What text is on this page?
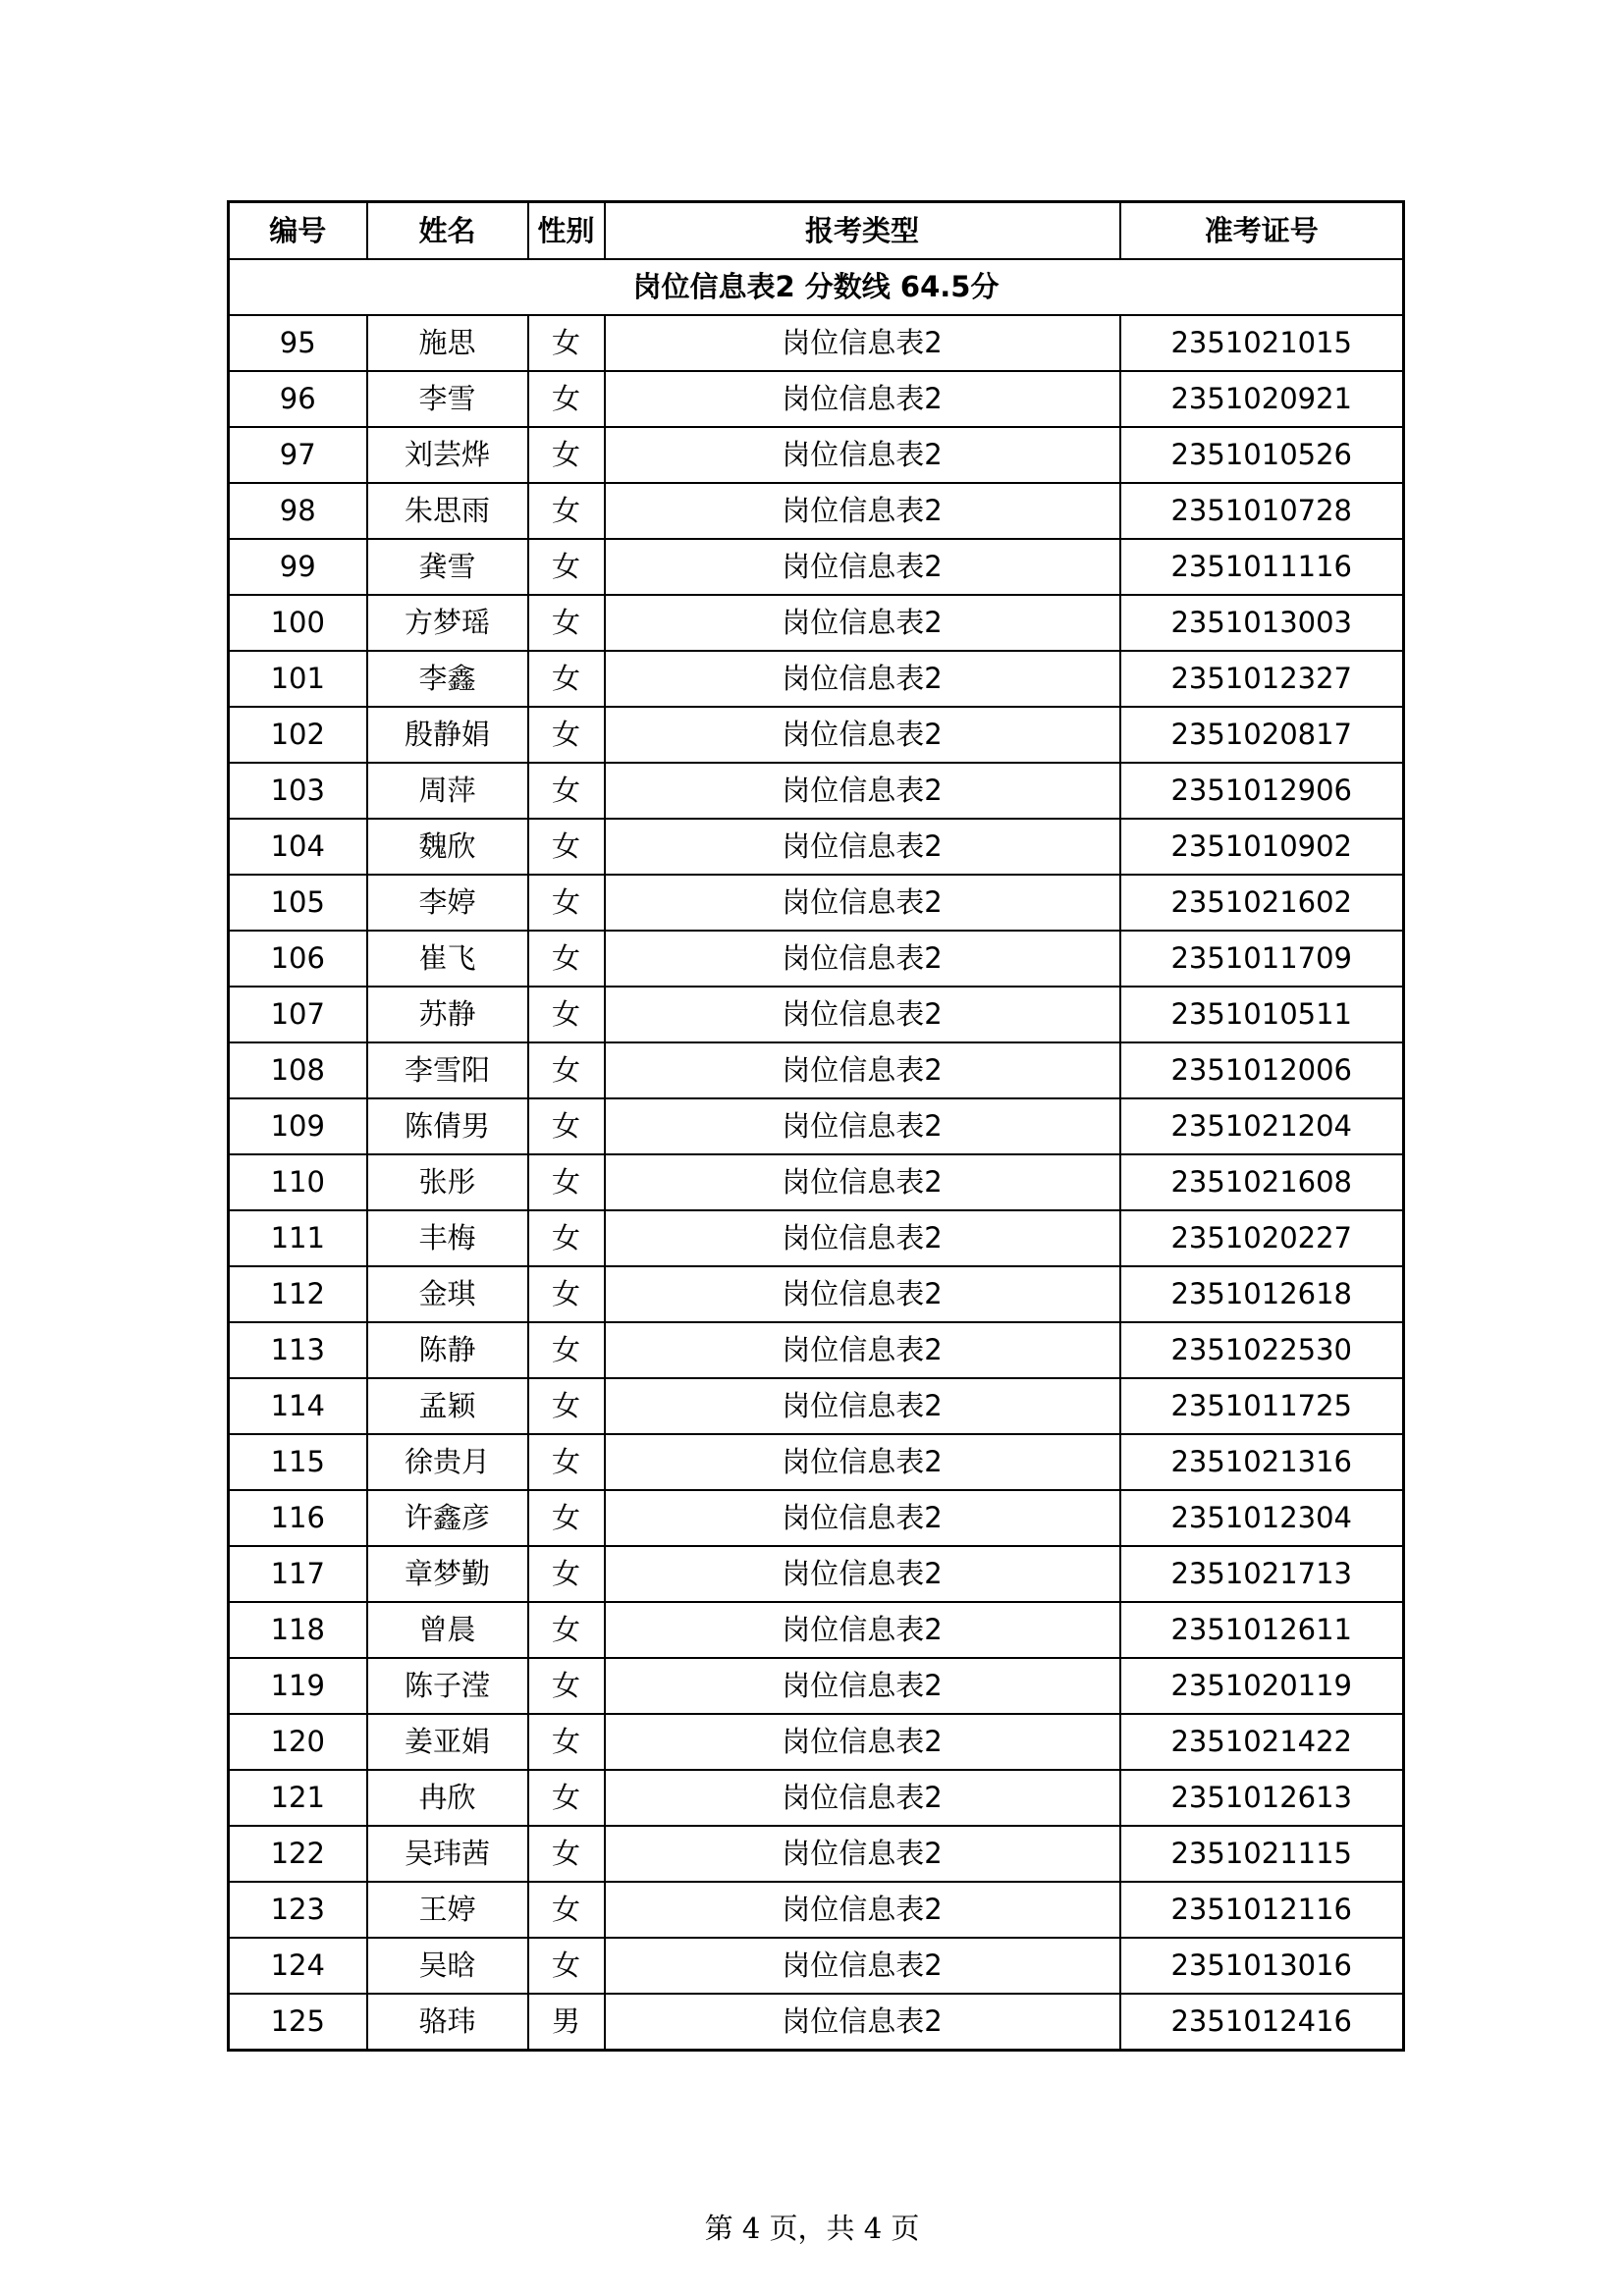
编号	姓名	性别	报考类型	准考证号
岗位信息表2 分数线 64.5分				
95	施思	女	岗位信息表2	2351021015
96	李雪	女	岗位信息表2	2351020921
97	刘芸烨	女	岗位信息表2	2351010526
98	朱思雨	女	岗位信息表2	2351010728
99	龚雪	女	岗位信息表2	2351011116
100	方梦瑶	女	岗位信息表2	2351013003
101	李鑫	女	岗位信息表2	2351012327
102	殷静娟	女	岗位信息表2	2351020817
103	周萍	女	岗位信息表2	2351012906
104	魏欣	女	岗位信息表2	2351010902
105	李婷	女	岗位信息表2	2351021602
106	崔飞	女	岗位信息表2	2351011709
107	苏静	女	岗位信息表2	2351010511
108	李雪阳	女	岗位信息表2	2351012006
109	陈倩男	女	岗位信息表2	2351021204
110	张彤	女	岗位信息表2	2351021608
111	丰梅	女	岗位信息表2	2351020227
112	金琪	女	岗位信息表2	2351012618
113	陈静	女	岗位信息表2	2351022530
114	孟颖	女	岗位信息表2	2351011725
115	徐贵月	女	岗位信息表2	2351021316
116	许鑫彦	女	岗位信息表2	2351012304
117	章梦勤	女	岗位信息表2	2351021713
118	曾晨	女	岗位信息表2	2351012611
119	陈子滢	女	岗位信息表2	2351020119
120	姜亚娟	女	岗位信息表2	2351021422
121	冉欣	女	岗位信息表2	2351012613
122	吴玮茜	女	岗位信息表2	2351021115
123	王婷	女	岗位信息表2	2351012116
124	吴晗	女	岗位信息表2	2351013016
125	骆玮	男	岗位信息表2	2351012416
第 4 页，共 4 页
